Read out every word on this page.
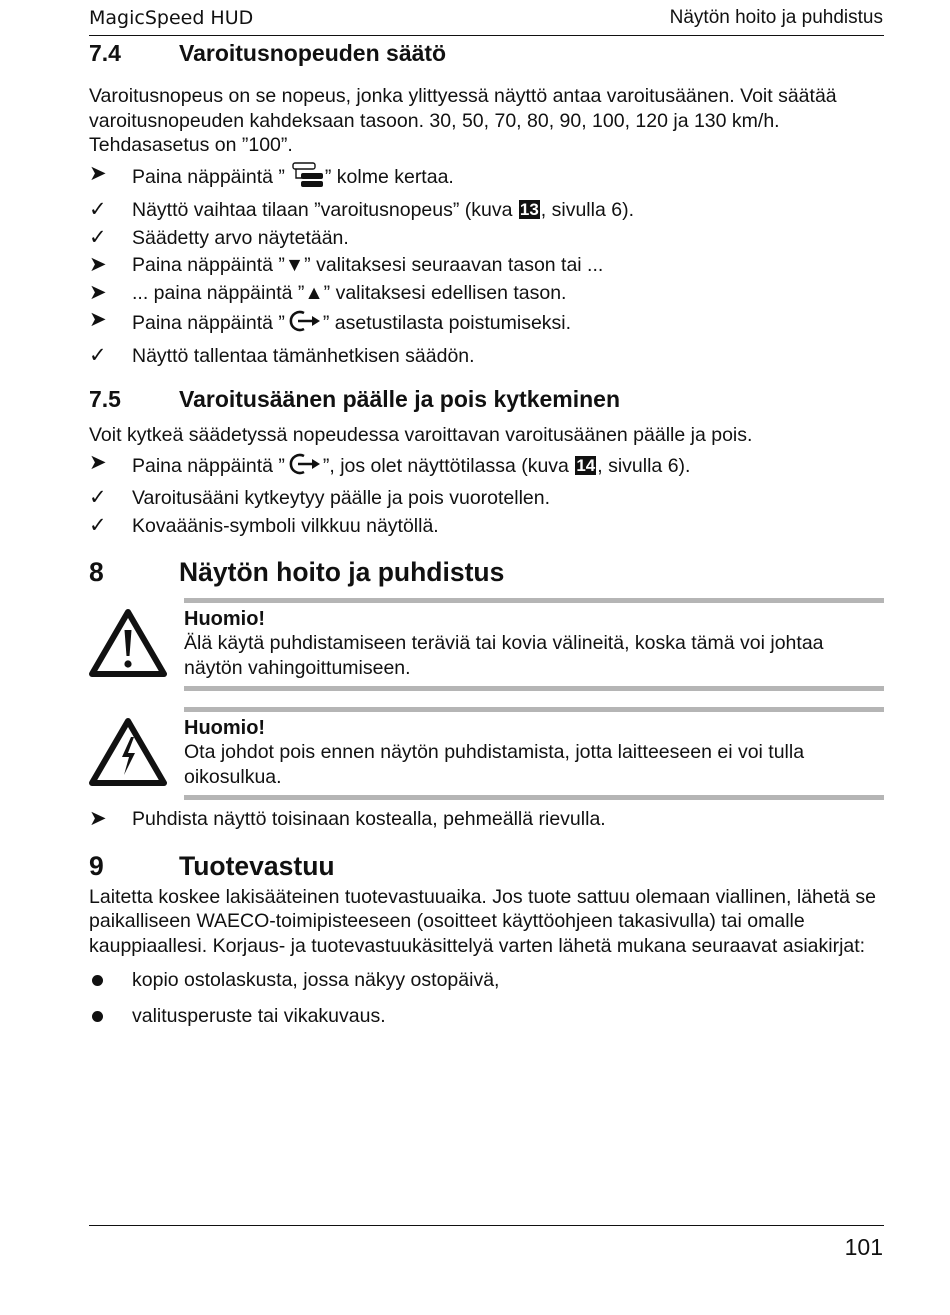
MagicSpeed HUD	Näytön hoito ja puhdistus
7.4	Varoitusnopeuden säätö

Varoitusnopeus on se nopeus, jonka ylittyessä näyttö antaa varoitusäänen. Voit säätää varoitusnopeuden kahdeksaan tasoon. 30, 50, 70, 80, 90, 100, 120 ja 130 km/h. Tehdasasetus on ”100”.

➤	Paina näppäintä ” ” kolme kertaa.
✓	Näyttö vaihtaa tilaan ”varoitusnopeus” (kuva 13 , sivulla 6).
✓	Säädetty arvo näytetään.
➤	Paina näppäintä ”▼” valitaksesi seuraavan tason tai ...
➤	... paina näppäintä ”▲” valitaksesi edellisen tason.
➤	Paina näppäintä ” ” asetustilasta poistumiseksi.
✓	Näyttö tallentaa tämänhetkisen säädön.
7.5	Varoitusäänen päälle ja pois kytkeminen

Voit kytkeä säädetyssä nopeudessa varoittavan varoitusäänen päälle ja pois.

➤	Paina näppäintä ” ”, jos olet näyttötilassa (kuva 14 , sivulla 6).
✓	Varoitusääni kytkeytyy päälle ja pois vuorotellen.
✓	Kovaäänis-symboli vilkkuu näytöllä.
8	Näytön hoito ja puhdistus
Huomio!
Älä käytä puhdistamiseen teräviä tai kovia välineitä, koska tämä voi johtaa näytön vahingoittumiseen.
Huomio!
Ota johdot pois ennen näytön puhdistamista, jotta laitteeseen ei voi tulla oikosulkua.
➤	Puhdista näyttö toisinaan kostealla, pehmeällä rievulla.
9	Tuotevastuu

Laitetta koskee lakisääteinen tuotevastuuaika. Jos tuote sattuu olemaan viallinen, lähetä se paikalliseen WAECO-toimipisteeseen (osoitteet käyttöohjeen takasivulla) tai omalle kauppiaallesi. Korjaus- ja tuotevastuukäsittelyä varten lähetä mukana seuraavat asiakirjat:

kopio ostolaskusta, jossa näkyy ostopäivä,
valitusperuste tai vikakuvaus.
101
